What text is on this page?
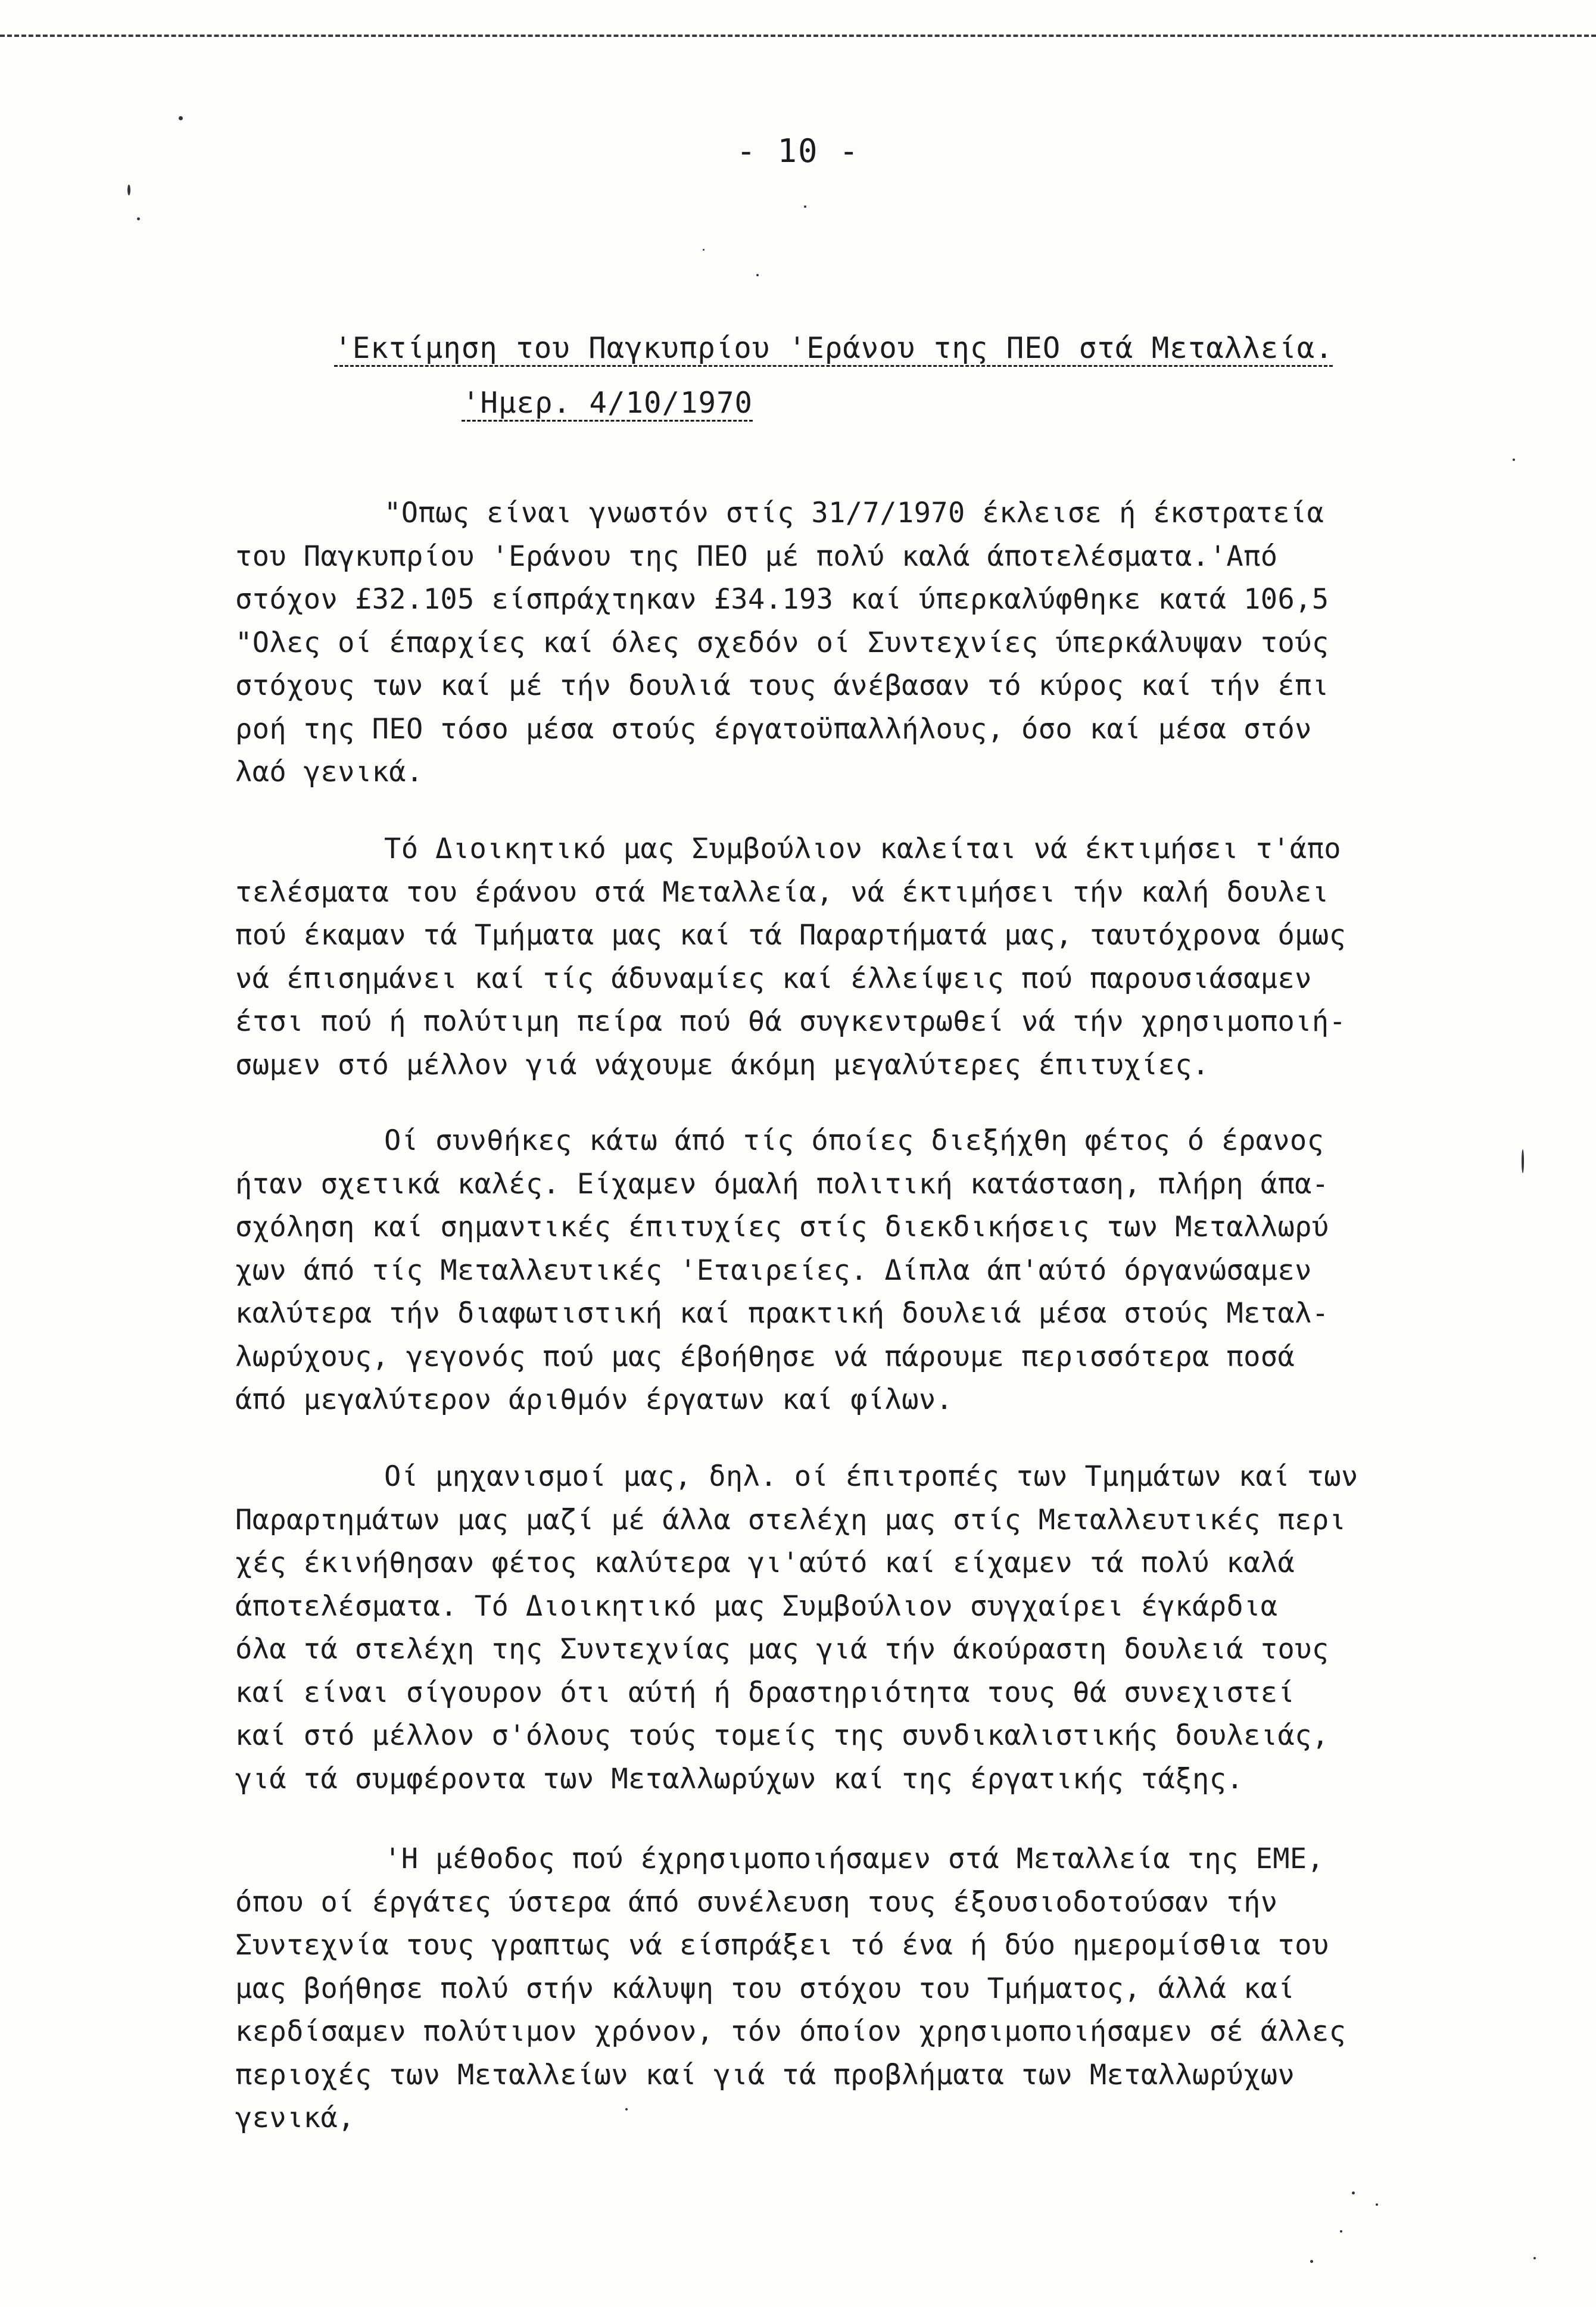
- 10 -
'Εκτίμηση του Παγκυπρίου 'Εράνου της ΠΕΟ στά Μεταλλεία.
'Ημερ. 4/10/1970
"Οπως είναι γνωστόν στίς 31/7/1970 έκλεισε ή έκστρατεία
του Παγκυπρίου 'Εράνου της ΠΕΟ μέ πολύ καλά άποτελέσματα.'Από
στόχον £32.105 είσπράχτηκαν £34.193 καί ύπερκαλύφθηκε κατά 106,5
"Ολες οί έπαρχίες καί όλες σχεδόν οί Συντεχνίες ύπερκάλυψαν τούς
στόχους των καί μέ τήν δουλιά τους άνέβασαν τό κύρος καί τήν έπι
ροή της ΠΕΟ τόσο μέσα στούς έργατοϋπαλλήλους, όσο καί μέσα στόν
λαό γενικά.
Τό Διοικητικό μας Συμβούλιον καλείται νά έκτιμήσει τ'άπο
τελέσματα του έράνου στά Μεταλλεία, νά έκτιμήσει τήν καλή δουλει
πού έκαμαν τά Τμήματα μας καί τά Παραρτήματά μας, ταυτόχρονα όμως
νά έπισημάνει καί τίς άδυναμίες καί έλλείψεις πού παρουσιάσαμεν
έτσι πού ή πολύτιμη πείρα πού θά συγκεντρωθεί νά τήν χρησιμοποιή-
σωμεν στό μέλλον γιά νάχουμε άκόμη μεγαλύτερες έπιτυχίες.
Οί συνθήκες κάτω άπό τίς όποίες διεξήχθη φέτος ό έρανος
ήταν σχετικά καλές. Είχαμεν όμαλή πολιτική κατάσταση, πλήρη άπα-
σχόληση καί σημαντικές έπιτυχίες στίς διεκδικήσεις των Μεταλλωρύ
χων άπό τίς Μεταλλευτικές 'Εταιρείες. Δίπλα άπ'αύτό όργανώσαμεν
καλύτερα τήν διαφωτιστική καί πρακτική δουλειά μέσα στούς Μεταλ-
λωρύχους, γεγονός πού μας έβοήθησε νά πάρουμε περισσότερα ποσά
άπό μεγαλύτερον άριθμόν έργατων καί φίλων.
Οί μηχανισμοί μας, δηλ. οί έπιτροπές των Τμημάτων καί των
Παραρτημάτων μας μαζί μέ άλλα στελέχη μας στίς Μεταλλευτικές περι
χές έκινήθησαν φέτος καλύτερα γι'αύτό καί είχαμεν τά πολύ καλά
άποτελέσματα. Τό Διοικητικό μας Συμβούλιον συγχαίρει έγκάρδια
όλα τά στελέχη της Συντεχνίας μας γιά τήν άκούραστη δουλειά τους
καί είναι σίγουρον ότι αύτή ή δραστηριότητα τους θά συνεχιστεί
καί στό μέλλον σ'όλους τούς τομείς της συνδικαλιστικής δουλειάς,
γιά τά συμφέροντα των Μεταλλωρύχων καί της έργατικής τάξης.
'Η μέθοδος πού έχρησιμοποιήσαμεν στά Μεταλλεία της ΕΜΕ,
όπου οί έργάτες ύστερα άπό συνέλευση τους έξουσιοδοτούσαν τήν
Συντεχνία τους γραπτως νά είσπράξει τό ένα ή δύο ημερομίσθια του
μας βοήθησε πολύ στήν κάλυψη του στόχου του Τμήματος, άλλά καί
κερδίσαμεν πολύτιμον χρόνον, τόν όποίον χρησιμοποιήσαμεν σέ άλλες
περιοχές των Μεταλλείων καί γιά τά προβλήματα των Μεταλλωρύχων
γενικά,
